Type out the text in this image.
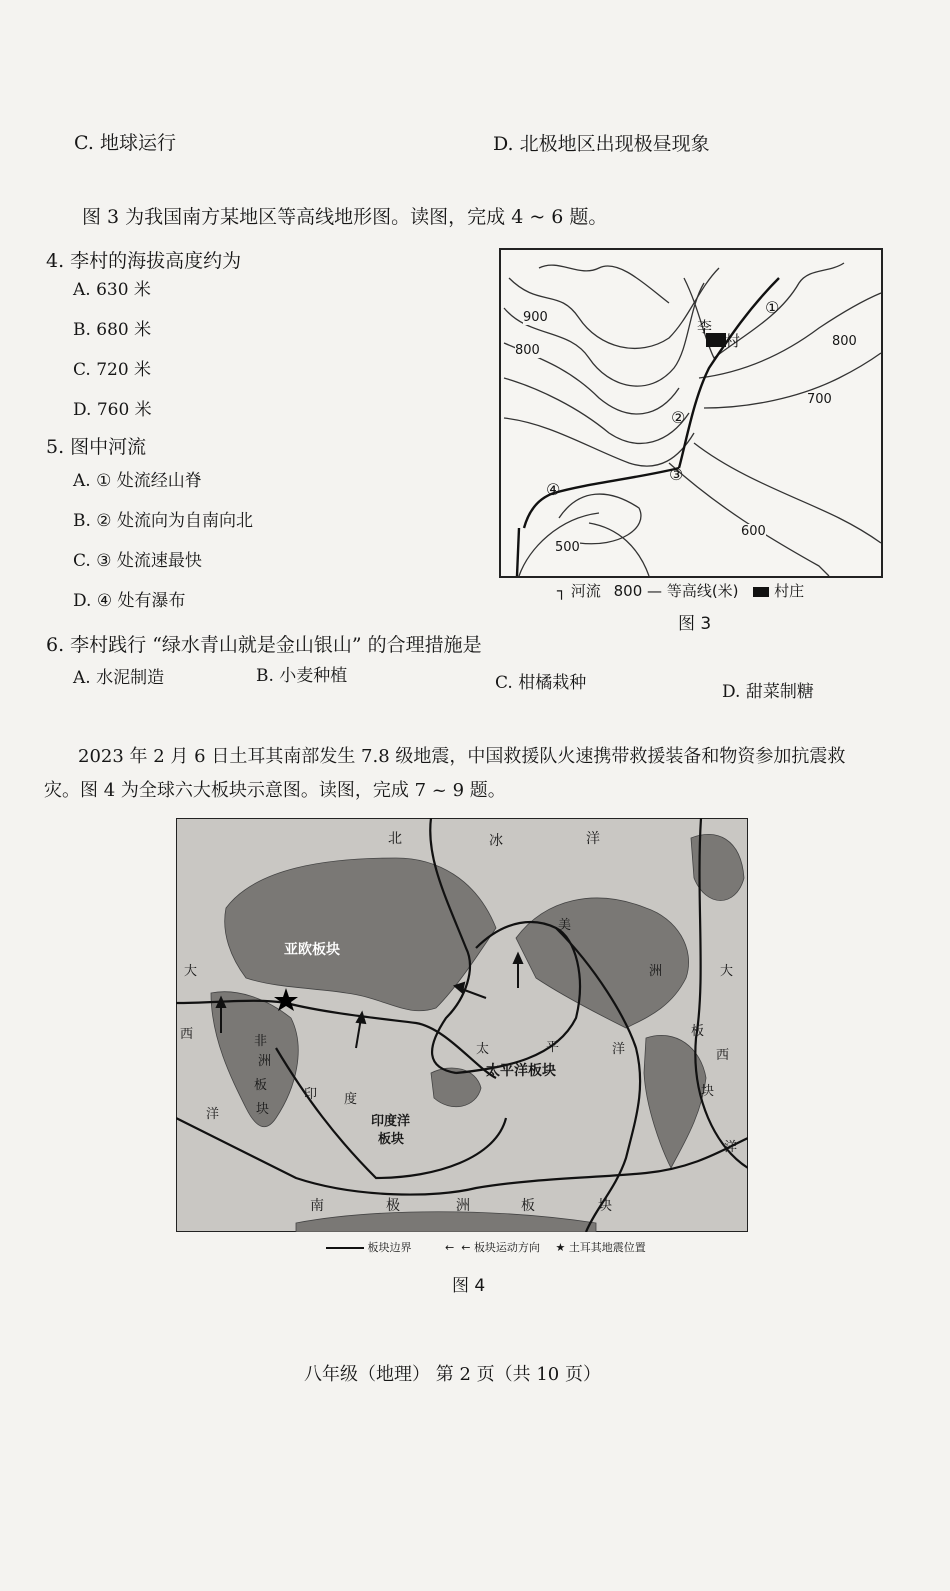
C. 地球运行	D. 北极地区出现极昼现象
图 3 为我国南方某地区等高线地形图。读图，完成 4 ~ 6 题。
4. 李村的海拔高度约为
A. 630 米
B. 680 米
C. 720 米
D. 760 米
5. 图中河流
A. ① 处流经山脊
B. ② 处流向为自南向北
C. ③ 处流速最快
D. ④ 处有瀑布
6. 李村践行 “绿水青山就是金山银山” 的合理措施是
A. 水泥制造	B. 小麦种植	C. 柑橘栽种	D. 甜菜制糖
李
村
900
800
800
700
600
500
①
②
③
④
┐ 河流 800 — 等高线(米) 村庄
图 3
2023 年 2 月 6 日土耳其南部发生 7.8 级地震，中国救援队火速携带救援装备和物资参加抗震救
灾。图 4 为全球六大板块示意图。读图，完成 7 ~ 9 题。
北	冰	洋
亚欧板块
非
洲
板
块
大
西
洋
大
西
洋
印 度
印度洋
板块
太	平	洋
太平洋板块
美
洲
板
块
南	极	洲	板	块
板块边界	←  ← 板块运动方向 ★ 土耳其地震位置
图 4
八年级（地理） 第 2 页（共 10 页）
